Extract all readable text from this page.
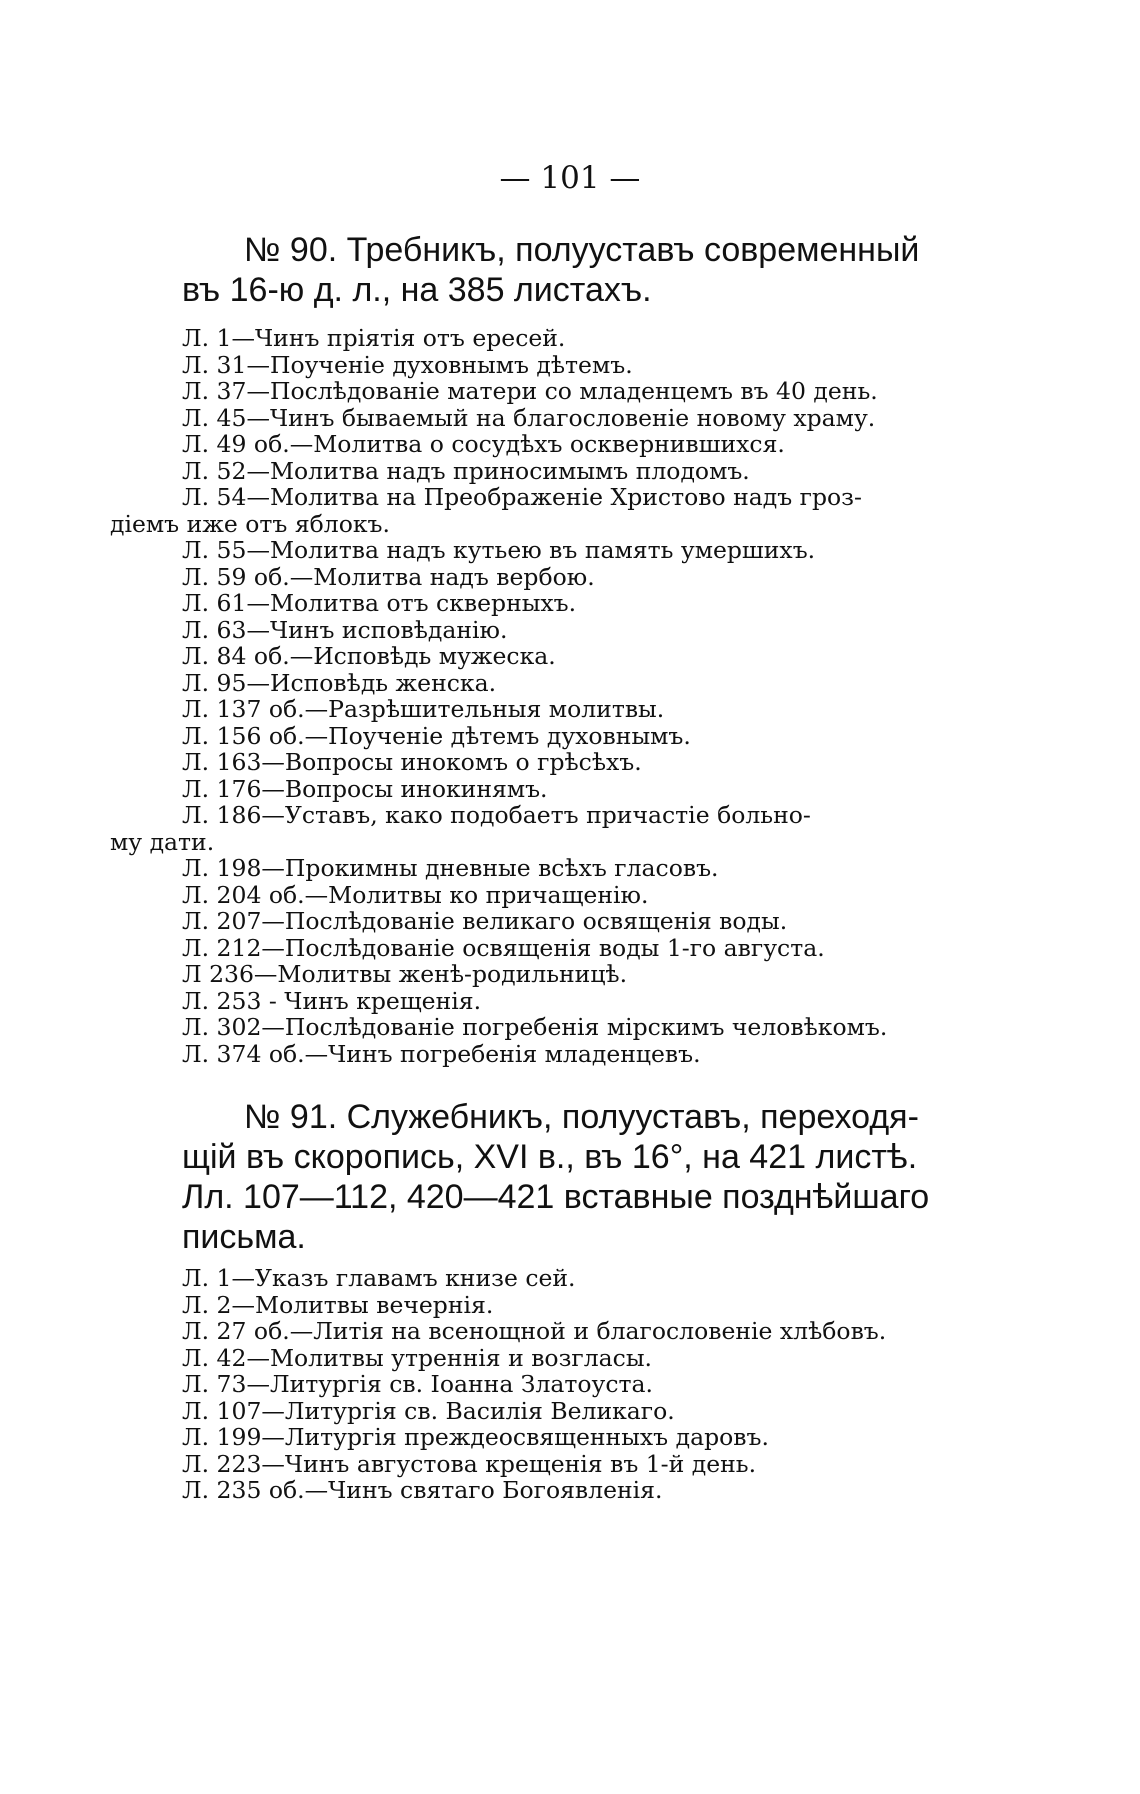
— 101 —
№ 90. Требникъ, полууставъ современный
въ 16-ю д. л., на 385 листахъ.
Л. 1—Чинъ пріятія отъ ересей.
Л. 31—Поученіе духовнымъ дѣтемъ.
Л. 37—Послѣдованіе матери со младенцемъ въ 40 день.
Л. 45—Чинъ бываемый на благословеніе новому храму.
Л. 49 об.—Молитва о сосудѣхъ осквернившихся.
Л. 52—Молитва надъ приносимымъ плодомъ.
Л. 54—Молитва на Преображеніе Христово надъ грoз-
діемъ иже отъ яблокъ.
Л. 55—Молитва надъ кутьею въ память умершихъ.
Л. 59 об.—Молитва надъ вербою.
Л. 61—Молитва отъ скверныхъ.
Л. 63—Чинъ исповѣданію.
Л. 84 об.—Исповѣдь мужеска.
Л. 95—Исповѣдь женска.
Л. 137 об.—Разрѣшительныя молитвы.
Л. 156 об.—Поученіе дѣтемъ духовнымъ.
Л. 163—Вопросы инокомъ о грѣсѣхъ.
Л. 176—Вопросы инокинямъ.
Л. 186—Уставъ, како подобаетъ причастіе больно-
му дати.
Л. 198—Прокимны дневные всѣхъ гласовъ.
Л. 204 об.—Молитвы ко причащенію.
Л. 207—Послѣдованіе великаго освященія воды.
Л. 212—Послѣдованіе освященія воды 1-го августа.
Л 236—Молитвы женѣ-родильницѣ.
Л. 253 - Чинъ крещенія.
Л. 302—Послѣдованіе погребенія мірскимъ человѣкомъ.
Л. 374 об.—Чинъ погребенія младенцевъ.
№ 91. Служебникъ, полууставъ, переходя-
щій въ скоропись, XVI в., въ 16°, на 421 листѣ.
Лл. 107—112, 420—421 вставные позднѣйшаго
письма.
Л. 1—Указъ главамъ книзе сей.
Л. 2—Молитвы вечернія.
Л. 27 об.—Литія на всенощной и благословеніе хлѣбовъ.
Л. 42—Молитвы утреннія и возгласы.
Л. 73—Литургія св. Іоанна Златоуста.
Л. 107—Литургія св. Василія Великаго.
Л. 199—Литургія преждеосвященныхъ даровъ.
Л. 223—Чинъ августова крещенія въ 1-й день.
Л. 235 об.—Чинъ святаго Богоявленія.
